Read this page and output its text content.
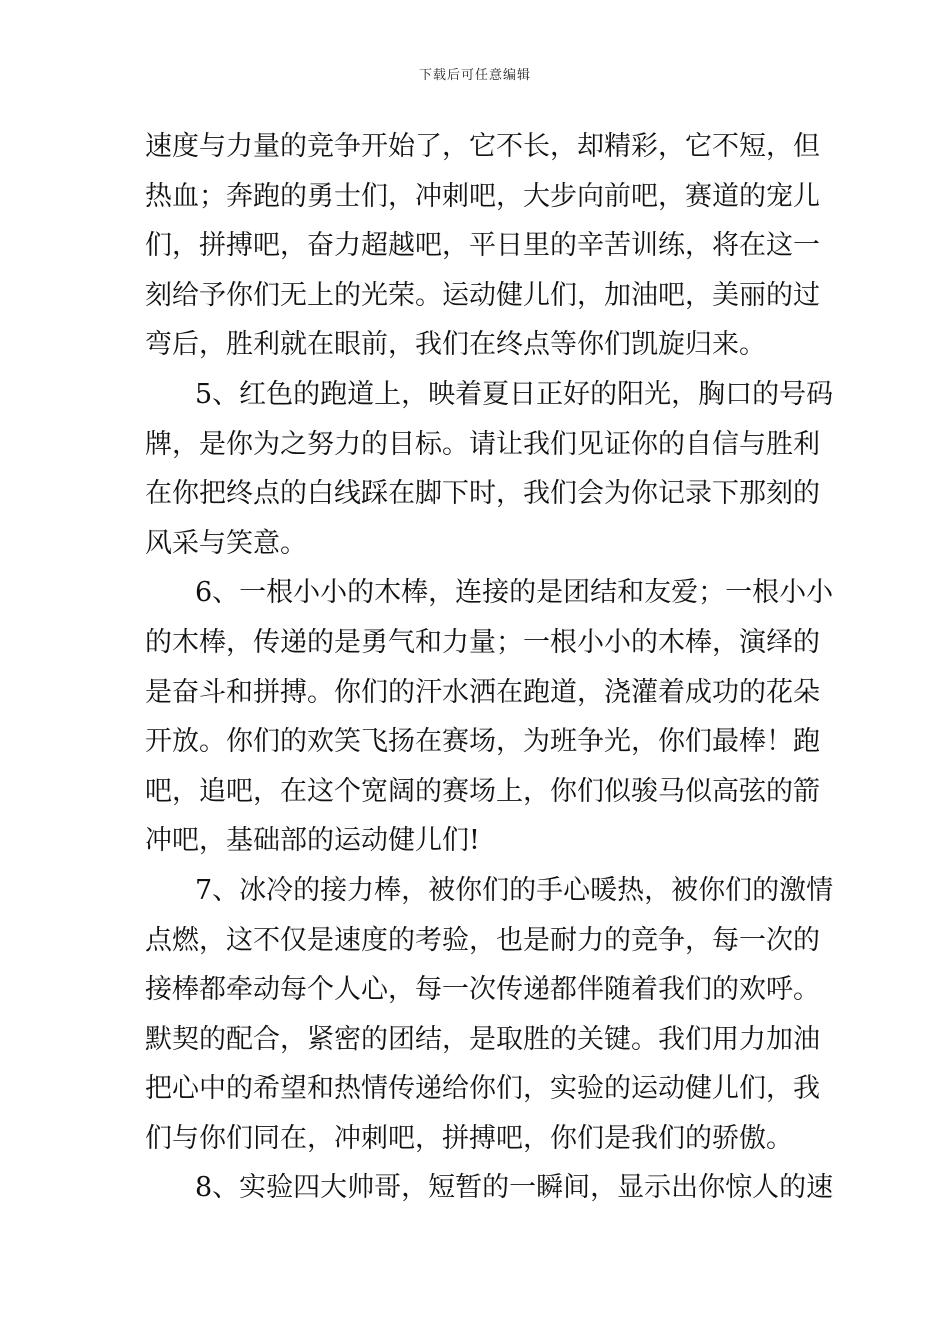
下载后可任意编辑
速度与力量的竞争开始了，它不长，却精彩，它不短，但
热血；奔跑的勇士们，冲刺吧，大步向前吧，赛道的宠儿
们，拼搏吧，奋力超越吧，平日里的辛苦训练，将在这一
刻给予你们无上的光荣。运动健儿们，加油吧，美丽的过
弯后，胜利就在眼前，我们在终点等你们凯旋归来。
5、红色的跑道上，映着夏日正好的阳光，胸口的号码
牌，是你为之努力的目标。请让我们见证你的自信与胜利
在你把终点的白线踩在脚下时，我们会为你记录下那刻的
风采与笑意。
6、一根小小的木棒，连接的是团结和友爱；一根小小
的木棒，传递的是勇气和力量；一根小小的木棒，演绎的
是奋斗和拼搏。你们的汗水洒在跑道，浇灌着成功的花朵
开放。你们的欢笑飞扬在赛场，为班争光，你们最棒！跑
吧，追吧，在这个宽阔的赛场上，你们似骏马似高弦的箭
冲吧，基础部的运动健儿们!
7、冰冷的接力棒，被你们的手心暖热，被你们的激情
点燃，这不仅是速度的考验，也是耐力的竞争，每一次的
接棒都牵动每个人心，每一次传递都伴随着我们的欢呼。
默契的配合，紧密的团结，是取胜的关键。我们用力加油
把心中的希望和热情传递给你们，实验的运动健儿们，我
们与你们同在，冲刺吧，拼搏吧，你们是我们的骄傲。
8、实验四大帅哥，短暂的一瞬间，显示出你惊人的速
